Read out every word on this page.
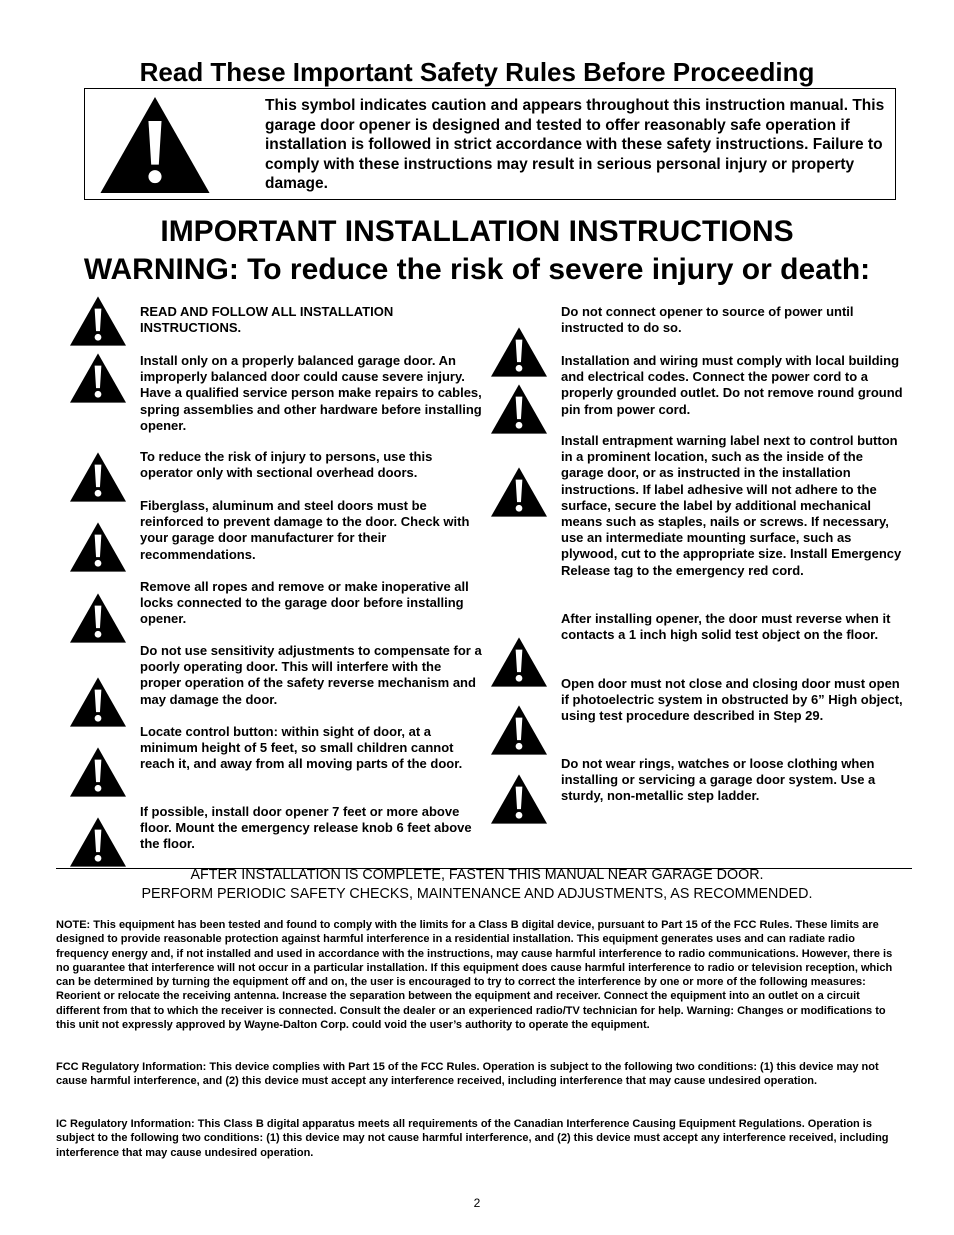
Read These Important Safety Rules Before Proceeding
This symbol indicates caution and appears throughout this instruction manual. This garage door opener is designed and tested to offer reasonably safe operation if installation is followed in strict accordance with these safety instructions. Failure to comply with these instructions may result in serious personal injury or property damage.
IMPORTANT INSTALLATION INSTRUCTIONS
WARNING: To reduce the risk of severe injury or death:
READ AND FOLLOW ALL INSTALLATION INSTRUCTIONS.
Install only on a properly balanced garage door. An improperly balanced door could cause severe injury. Have a qualified service person make repairs to cables, spring assemblies and other hardware before installing opener.
To reduce the risk of injury to persons, use this operator only with sectional overhead doors.
Fiberglass, aluminum and steel doors must be reinforced to prevent damage to the door. Check with your garage door manufacturer for their recommendations.
Remove all ropes and remove or make inoperative all locks connected to the garage door before installing opener.
Do not use sensitivity adjustments to compensate for a poorly operating door. This will interfere with the proper operation of the safety reverse mechanism and may damage the door.
Locate control button: within sight of door, at a minimum height of 5 feet, so small children cannot reach it, and away from all moving parts of the door.
If possible, install door opener 7 feet or more above floor. Mount the emergency release knob 6 feet above the floor.
Do not connect opener to source of power until instructed to do so.
Installation and wiring must comply with local building and electrical codes. Connect the power cord to a properly grounded outlet. Do not remove round ground pin from power cord.
Install entrapment warning label next to control button in a prominent location, such as the inside of the garage door, or as instructed in the installation instructions. If label adhesive will not adhere to the surface, secure the label by additional mechanical means such as staples, nails or screws. If necessary, use an intermediate mounting surface, such as plywood, cut to the appropriate size. Install Emergency Release tag to the emergency red cord.
After installing opener, the door must reverse when it contacts a 1 inch high solid test object on the floor.
Open door must not close and closing door must open if photoelectric system in obstructed by 6” High object, using test procedure described in Step 29.
Do not wear rings, watches or loose clothing when installing or servicing a garage door system. Use a sturdy, non-metallic step ladder.
AFTER INSTALLATION IS COMPLETE, FASTEN THIS MANUAL NEAR GARAGE DOOR.
PERFORM PERIODIC SAFETY CHECKS, MAINTENANCE AND ADJUSTMENTS, AS RECOMMENDED.
NOTE: This equipment has been tested and found to comply with the limits for a Class B digital device, pursuant to Part 15 of the FCC Rules. These limits are designed to provide reasonable protection against harmful interference in a residential installation. This equipment generates uses and can radiate radio frequency energy and, if not installed and used in accordance with the instructions, may cause harmful interference to radio communications. However, there is no guarantee that interference will not occur in a particular installation. If this equipment does cause harmful interference to radio or television reception, which can be determined by turning the equipment off and on, the user is encouraged to try to correct the interference by one or more of the following measures: Reorient or relocate the receiving antenna. Increase the separation between the equipment and receiver. Connect the equipment into an outlet on a circuit different from that to which the receiver is connected. Consult the dealer or an experienced radio/TV technician for help. Warning: Changes or modifications to this unit not expressly approved by Wayne-Dalton Corp. could void the user’s authority to operate the equipment.
FCC Regulatory Information: This device complies with Part 15 of the FCC Rules. Operation is subject to the following two conditions: (1) this device may not cause harmful interference, and (2) this device must accept any interference received, including interference that may cause undesired operation.
IC Regulatory Information: This Class B digital apparatus meets all requirements of the Canadian Interference Causing Equipment Regulations. Operation is subject to the following two conditions: (1) this device may not cause harmful interference, and (2) this device must accept any interference received, including interference that may cause undesired operation.
2
